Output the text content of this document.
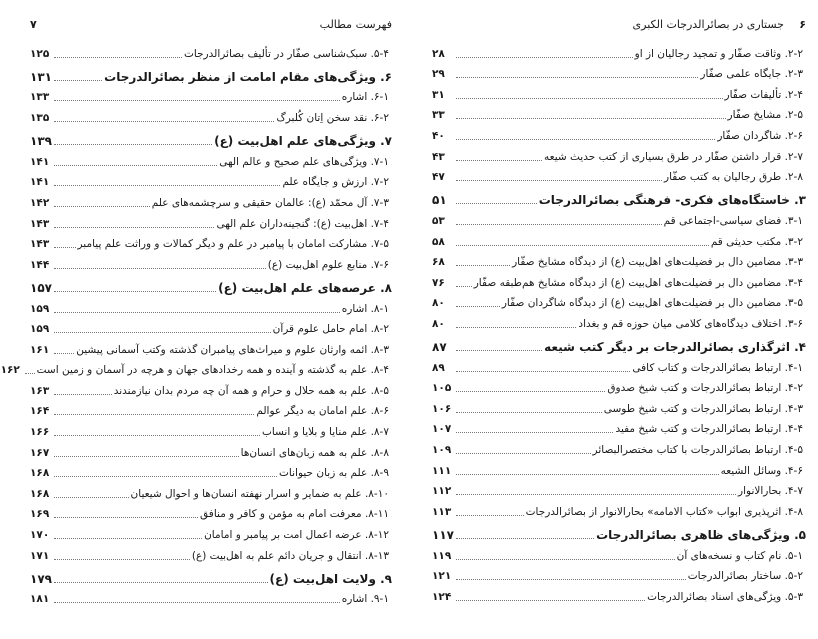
۶
جستاری در بصائرالدرجات الکبری
۲-۲. وثاقت صفّار و تمجید رجالیان از او
۲۸
۲-۳. جایگاه علمی صفّار
۲۹
۲-۴. تألیفات صفّار
۳۱
۲-۵. مشایخ صفّار
۳۳
۲-۶. شاگردان صفّار
۴۰
۲-۷. قرار داشتن صفّار در طرق بسیاری از کتب حدیث شیعه
۴۳
۲-۸. طرق رجالیان به کتب صفّار
۴۷
۳. خاستگاه‌های فکری- فرهنگی بصائرالدرجات
۵۱
۳-۱. فضای سیاسی-اجتماعی قم
۵۳
۳-۲. مکتب حدیثی قم
۵۸
۳-۳. مضامین دال بر فضیلت‌های اهل‌بیت (ع) از دیدگاه مشایخ صفّار
۶۸
۳-۴. مضامین دال بر فضیلت‌های اهل‌بیت (ع) از دیدگاه مشایخ هم‌طبقه صفّار
۷۶
۳-۵. مضامین دال بر فضیلت‌های اهل‌بیت (ع) از دیدگاه شاگردان صفّار
۸۰
۳-۶. اختلاف دیدگاه‌های کلامی میان حوزه قم و بغداد
۸۰
۴. اثرگذاری بصائرالدرجات بر دیگر کتب شیعه
۸۷
۴-۱. ارتباط بصائرالدرجات و کتاب کافی
۸۹
۴-۲. ارتباط بصائرالدرجات و کتب شیخ صدوق
۱۰۵
۴-۳. ارتباط بصائرالدرجات و کتب شیخ طوسی
۱۰۶
۴-۴. ارتباط بصائرالدرجات و کتب شیخ مفید
۱۰۷
۴-۵. ارتباط بصائرالدرجات با کتاب مختصرالبصائر
۱۰۹
۴-۶. وسائل الشیعه
۱۱۱
۴-۷. بحارالانوار
۱۱۲
۴-۸. اثرپذیری ابواب «کتاب الامامه» بحارالانوار از بصائرالدرجات
۱۱۳
۵. ویژگی‌های ظاهری بصائرالدرجات
۱۱۷
۵-۱. نام کتاب و نسخه‌های آن
۱۱۹
۵-۲. ساختار بصائرالدرجات
۱۲۱
۵-۳. ویژگی‌های اسناد بصائرالدرجات
۱۲۴
فهرست مطالب
۷
۵-۴. سبک‌شناسی صفّار در تألیف بصائرالدرجات
۱۲۵
۶. ویژگی‌های مقام امامت از منظر بصائرالدرجات
۱۳۱
۶-۱. اشاره
۱۳۳
۶-۲. نقد سخن اِتان کُلبرگ
۱۳۵
۷. ویژگی‌های علم اهل‌بیت (ع)
۱۳۹
۷-۱. ویژگی‌های علم صحیح و عالم الهی
۱۴۱
۷-۲. ارزش و جایگاه علم
۱۴۱
۷-۳. آل محمّد (ع): عالمان حقیقی و سرچشمه‌های علم
۱۴۲
۷-۴. اهل‌بیت (ع): گنجینه‌داران علم الهی
۱۴۳
۷-۵. مشارکت امامان با پیامبر در علم و دیگر کمالات و وراثت علم پیامبر
۱۴۳
۷-۶. منابع علوم اهل‌بیت (ع)
۱۴۴
۸. عرصه‌های علم اهل‌بیت (ع)
۱۵۷
۸-۱. اشاره
۱۵۹
۸-۲. امام حامل علوم قرآن
۱۵۹
۸-۳. ائمه وارثان علوم و میراث‌های پیامبران گذشته وکتب آسمانی پیشین
۱۶۱
۸-۴. علم به گذشته و آینده و همه رخدادهای جهان و هرچه در آسمان و زمین است
۱۶۲
۸-۵. علم به همه حلال و حرام و همه آن چه مردم بدان نیازمندند
۱۶۳
۸-۶. علم امامان به دیگر عوالم
۱۶۴
۸-۷. علم منایا و بلایا و انساب
۱۶۶
۸-۸. علم به همه زبان‌های انسان‌ها
۱۶۷
۸-۹. علم به زبان حیوانات
۱۶۸
۸-۱۰. علم به ضمایر و اسرار نهفته انسان‌ها و احوال شیعیان
۱۶۸
۸-۱۱. معرفت امام به مؤمن و کافر و منافق
۱۶۹
۸-۱۲. عرضه اعمال امت بر پیامبر و امامان
۱۷۰
۸-۱۳. انتقال و جریان دائم علم به اهل‌بیت (ع)
۱۷۱
۹. ولایت اهل‌بیت (ع)
۱۷۹
۹-۱. اشاره
۱۸۱
